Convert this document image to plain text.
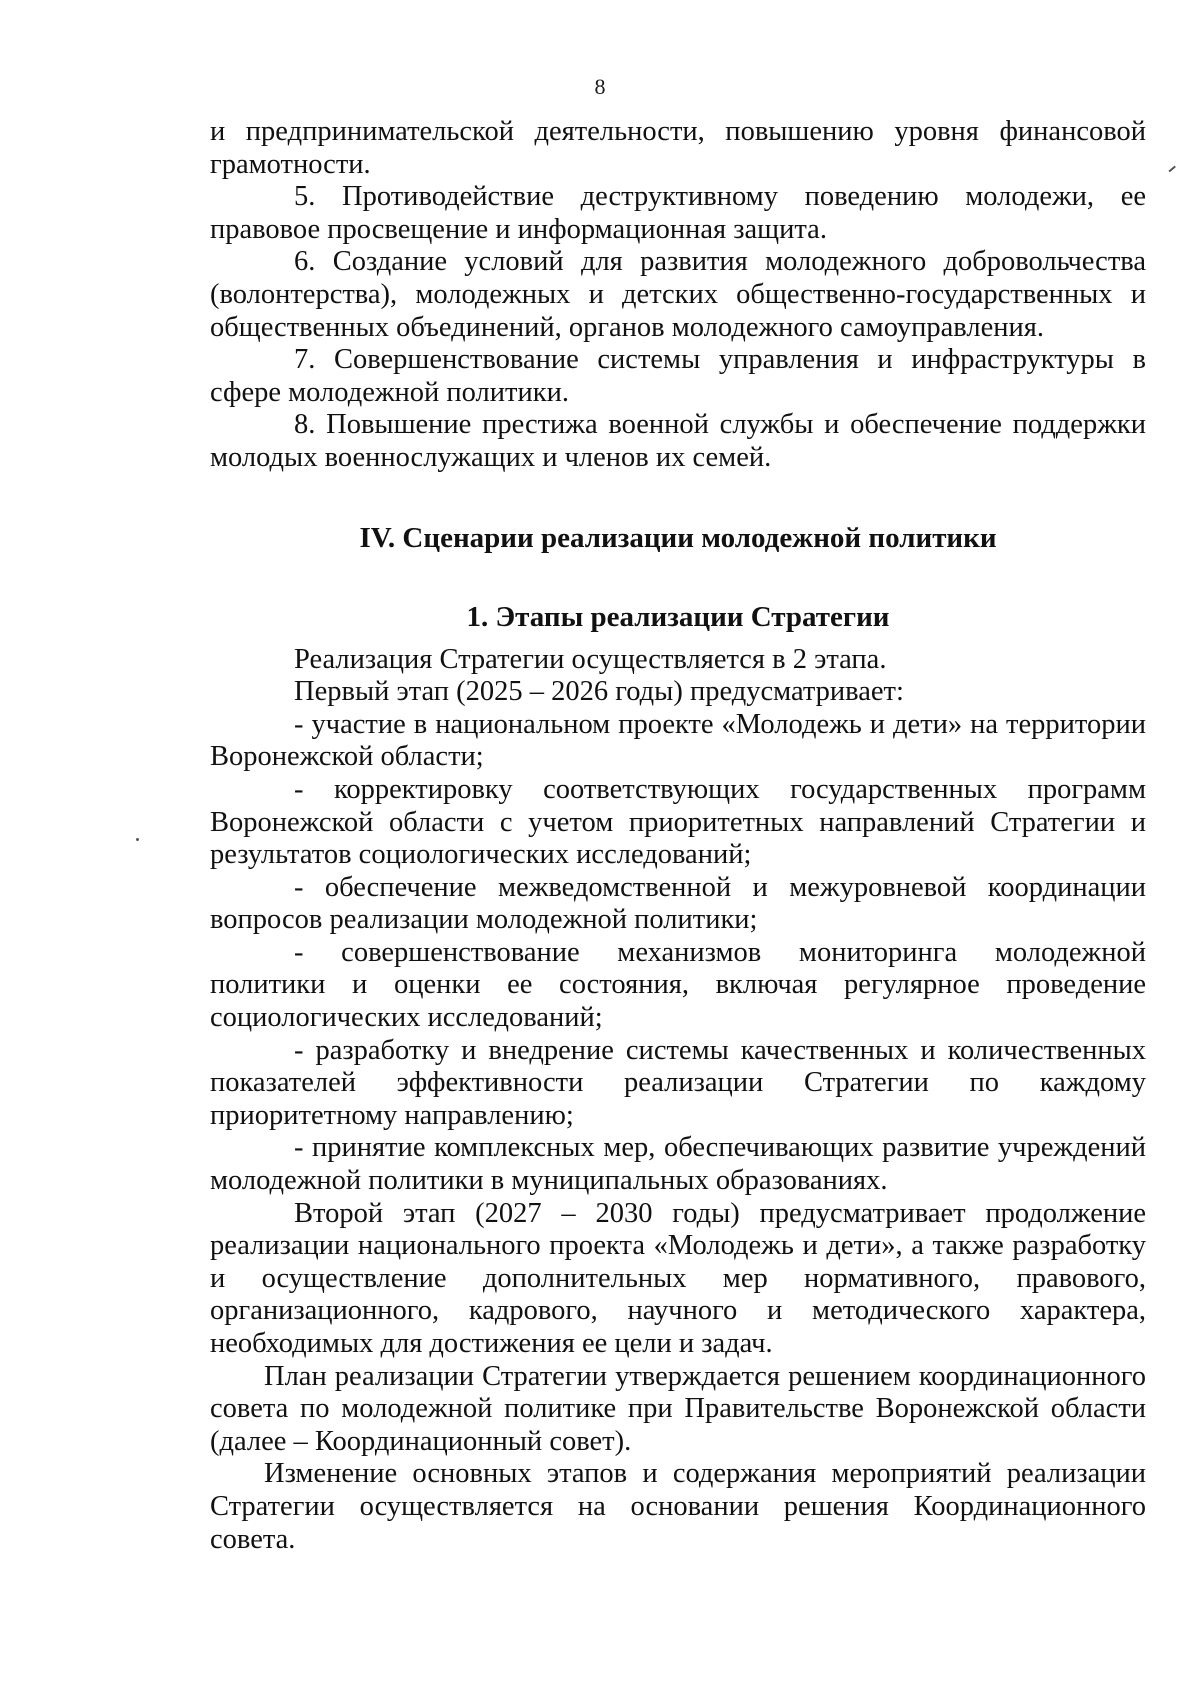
8

и предпринимательской деятельности, повышению уровня финансовой грамотности.

5. Противодействие деструктивному поведению молодежи, ее правовое просвещение и информационная защита.

6. Создание условий для развития молодежного добровольчества (волонтерства), молодежных и детских общественно-государственных и общественных объединений, органов молодежного самоуправления.

7. Совершенствование системы управления и инфраструктуры в сфере молодежной политики.

8. Повышение престижа военной службы и обеспечение поддержки молодых военнослужащих и членов их семей.

IV. Сценарии реализации молодежной политики
1. Этапы реализации Стратегии

Реализация Стратегии осуществляется в 2 этапа.

Первый этап (2025 – 2026 годы) предусматривает:

- участие в национальном проекте «Молодежь и дети» на территории Воронежской области;

- корректировку соответствующих государственных программ Воронежской области с учетом приоритетных направлений Стратегии и результатов социологических исследований;

- обеспечение межведомственной и межуровневой координации вопросов реализации молодежной политики;

- совершенствование механизмов мониторинга молодежной политики и оценки ее состояния, включая регулярное проведение социологических исследований;

- разработку и внедрение системы качественных и количественных показателей эффективности реализации Стратегии по каждому приоритетному направлению;

- принятие комплексных мер, обеспечивающих развитие учреждений молодежной политики в муниципальных образованиях.

Второй этап (2027 – 2030 годы) предусматривает продолжение реализации национального проекта «Молодежь и дети», а также разработку и осуществление дополнительных мер нормативного, правового, организационного, кадрового, научного и методического характера, необходимых для достижения ее цели и задач.

План реализации Стратегии утверждается решением координационного совета по молодежной политике при Правительстве Воронежской области (далее – Координационный совет).

Изменение основных этапов и содержания мероприятий реализации Стратегии осуществляется на основании решения Координационного совета.
